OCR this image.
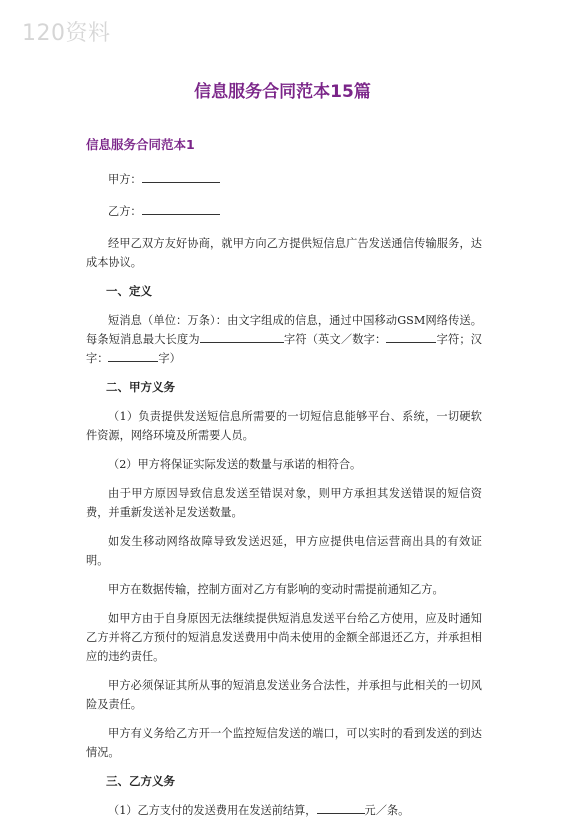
120资料
信息服务合同范本15篇
信息服务合同范本1
甲方：
乙方：

经甲乙双方友好协商，就甲方向乙方提供短信息广告发送通信传输服务，达成本协议。

一、定义

短消息（单位：万条）：由文字组成的信息，通过中国移动GSM网络传送。每条短消息最大长度为	字符（英文／数字：	字符；汉字：	字）

二、甲方义务

（1）负责提供发送短信息所需要的一切短信息能够平台、系统，一切硬软件资源，网络环境及所需要人员。

（2）甲方将保证实际发送的数量与承诺的相符合。

由于甲方原因导致信息发送至错误对象，则甲方承担其发送错误的短信资费，并重新发送补足发送数量。

如发生移动网络故障导致发送迟延，甲方应提供电信运营商出具的有效证明。

甲方在数据传输，控制方面对乙方有影响的变动时需提前通知乙方。

如甲方由于自身原因无法继续提供短消息发送平台给乙方使用，应及时通知乙方并将乙方预付的短消息发送费用中尚未使用的金额全部退还乙方，并承担相应的违约责任。

甲方必须保证其所从事的短消息发送业务合法性，并承担与此相关的一切风险及责任。

甲方有义务给乙方开一个监控短信发送的端口，可以实时的看到发送的到达情况。

三、乙方义务

（1）乙方支付的发送费用在发送前结算，	元／条。
